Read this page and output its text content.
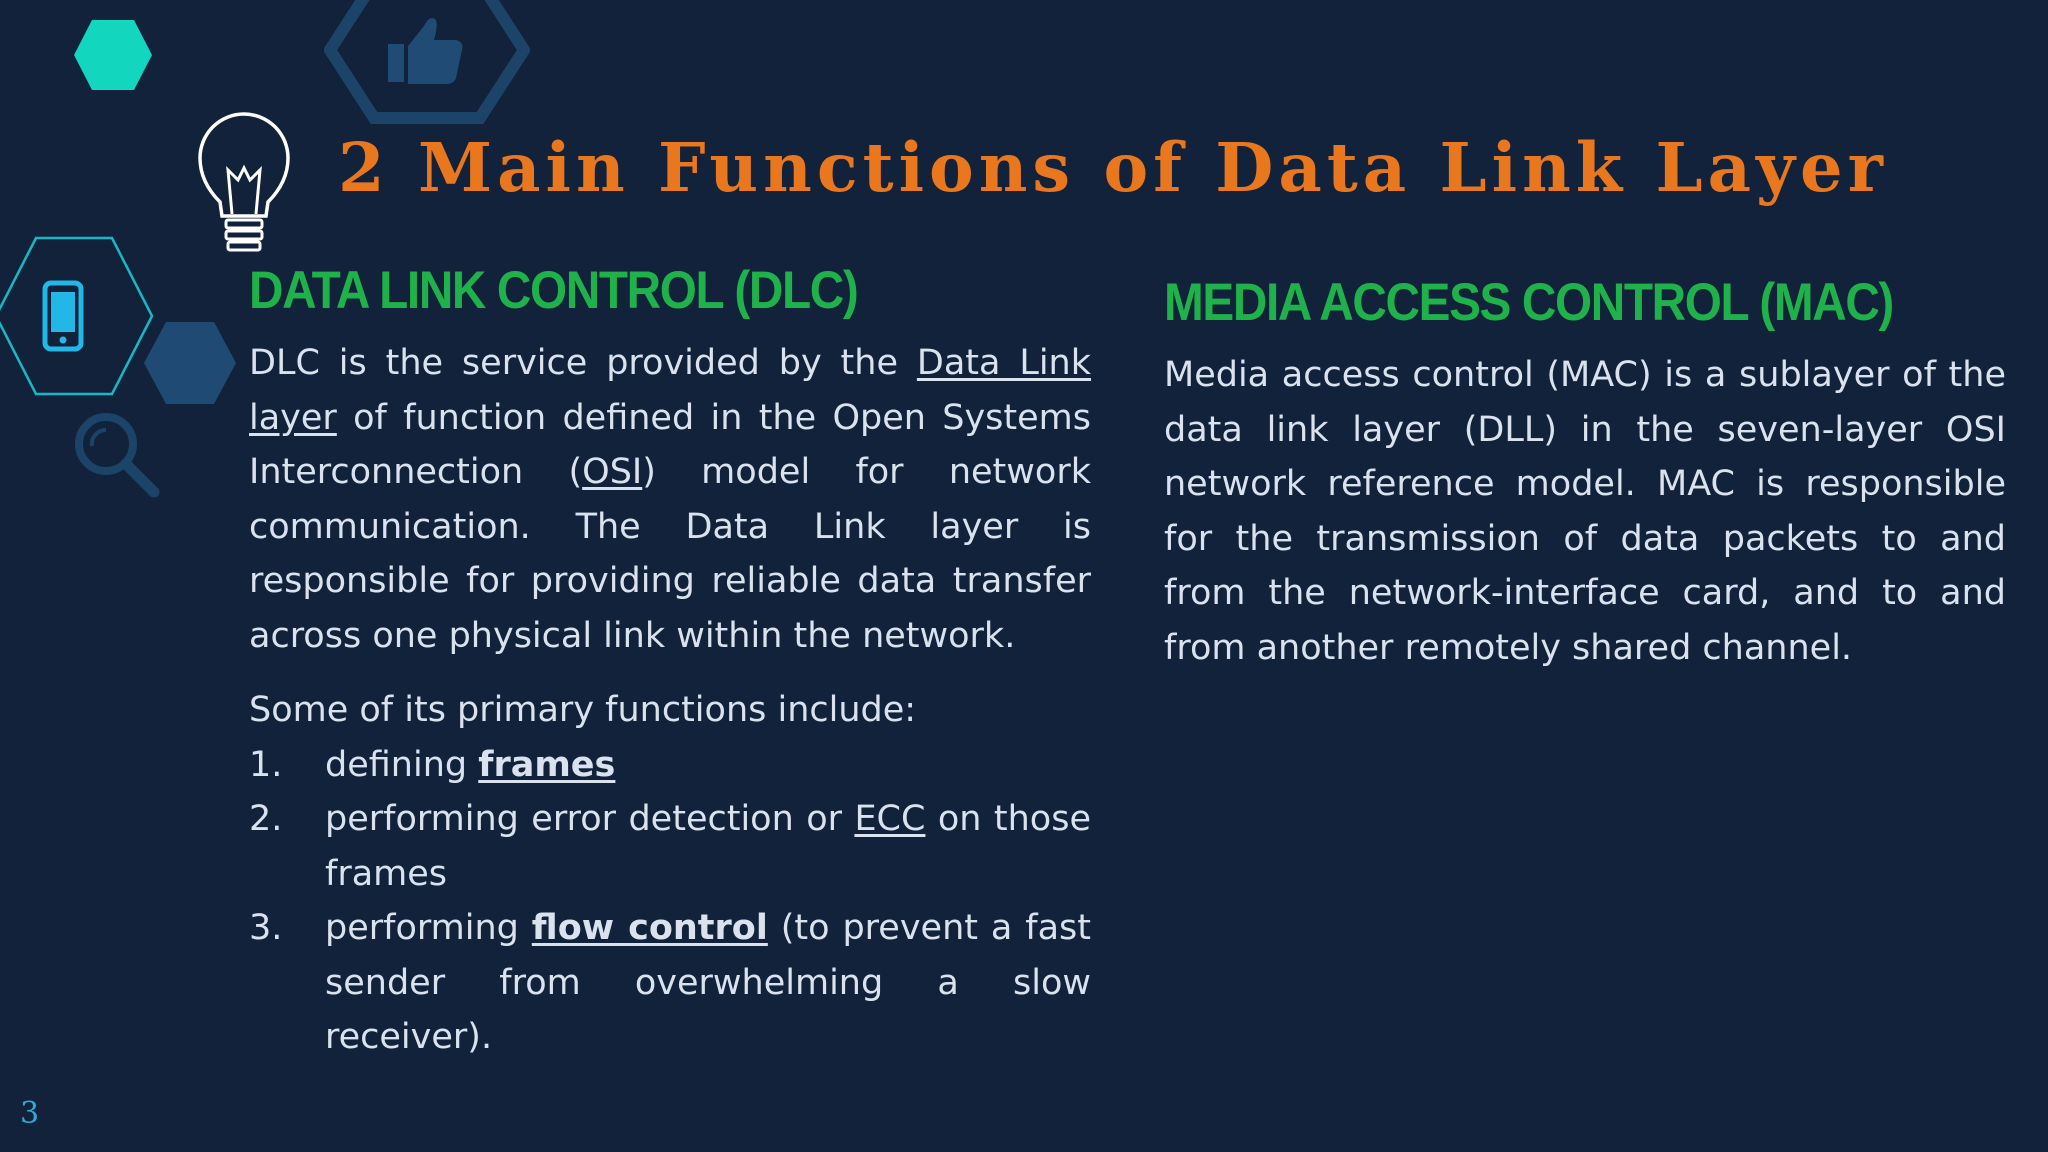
2 Main Functions of Data Link Layer
DATA LINK CONTROL (DLC)

DLC is the service provided by the Data Link layer of function defined in the Open Systems Interconnection (OSI) model for network communication. The Data Link layer is responsible for providing reliable data transfer across one physical link within the network.

Some of its primary functions include:

1. defining frames
2. performing error detection or ECC on those frames
3. performing flow control (to prevent a fast sender from overwhelming a slow receiver).
MEDIA ACCESS CONTROL (MAC)

Media access control (MAC) is a sublayer of the data link layer (DLL) in the seven-layer OSI network reference model. MAC is responsible for the transmission of data packets to and from the network-interface card, and to and from another remotely shared channel.

3
